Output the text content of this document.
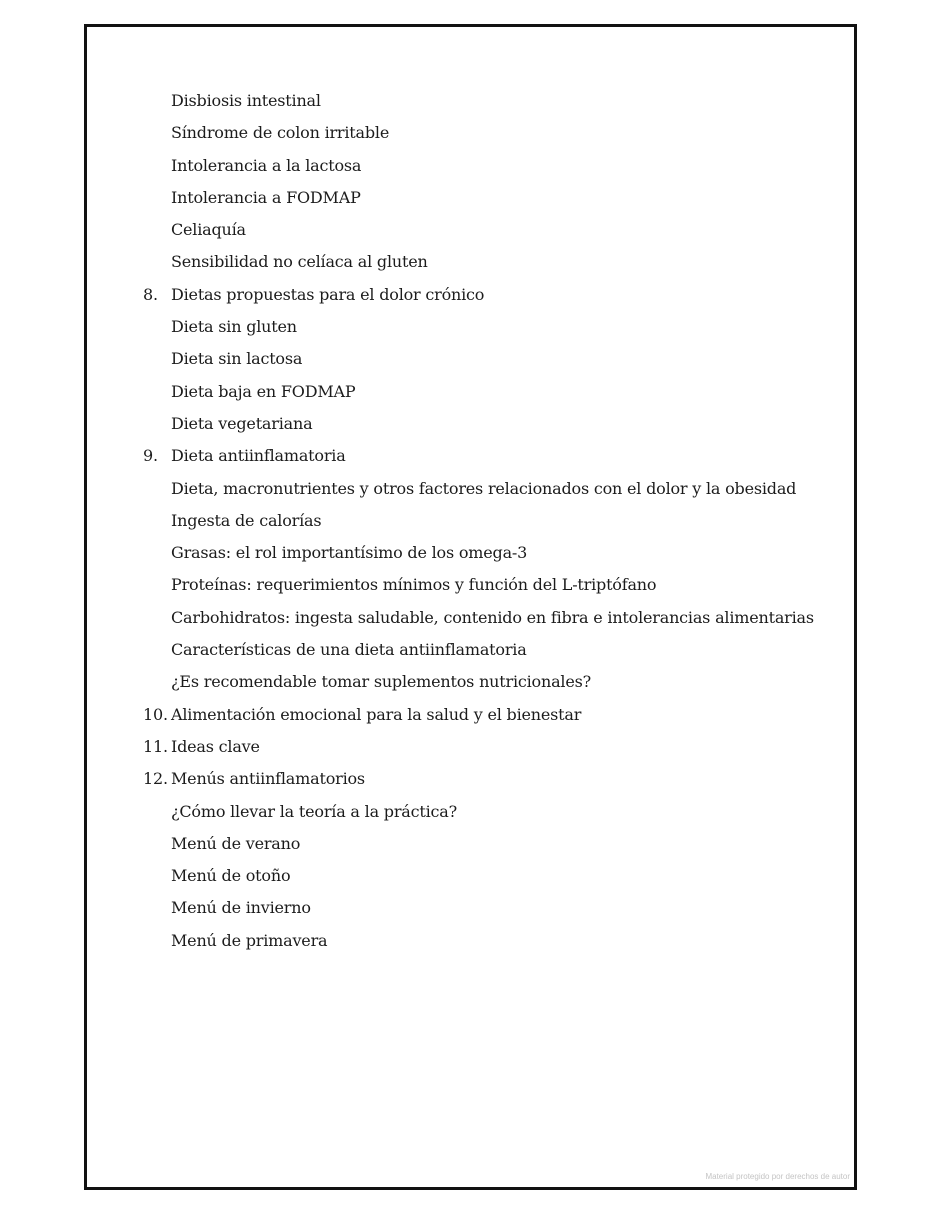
Disbiosis intestinal
Síndrome de colon irritable
Intolerancia a la lactosa
Intolerancia a FODMAP
Celiaquía
Sensibilidad no celíaca al gluten
8. Dietas propuestas para el dolor crónico
Dieta sin gluten
Dieta sin lactosa
Dieta baja en FODMAP
Dieta vegetariana
9. Dieta antiinflamatoria
Dieta, macronutrientes y otros factores relacionados con el dolor y la obesidad
Ingesta de calorías
Grasas: el rol importantísimo de los omega-3
Proteínas: requerimientos mínimos y función del L-triptófano
Carbohidratos: ingesta saludable, contenido en fibra e intolerancias alimentarias
Características de una dieta antiinflamatoria
¿Es recomendable tomar suplementos nutricionales?
10. Alimentación emocional para la salud y el bienestar
11. Ideas clave
12. Menús antiinflamatorios
¿Cómo llevar la teoría a la práctica?
Menú de verano
Menú de otoño
Menú de invierno
Menú de primavera
Material protegido por derechos de autor
